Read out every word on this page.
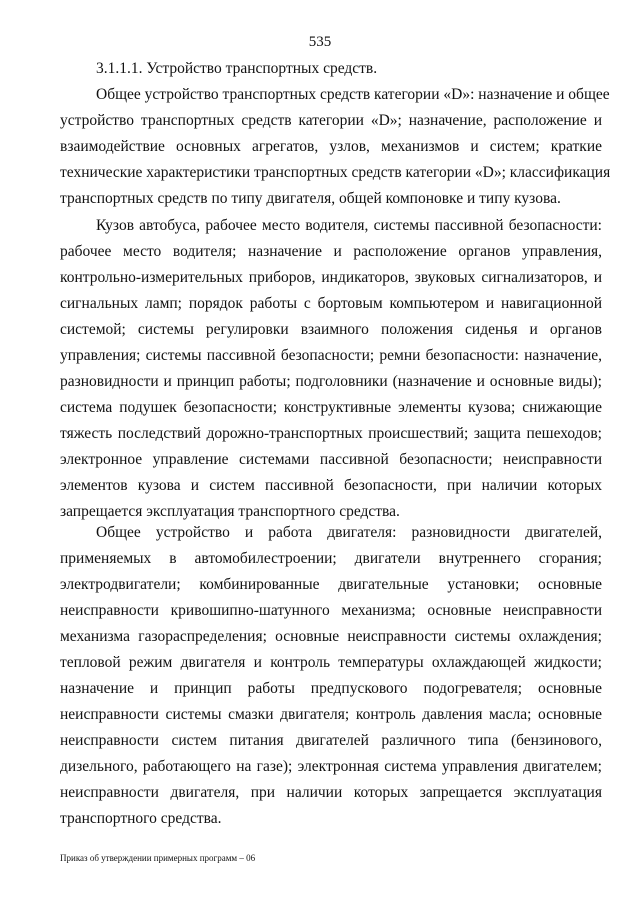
535
3.1.1.1. Устройство транспортных средств.
Общее устройство транспортных средств категории «D»: назначение и общее
устройство транспортных средств категории «D»; назначение, расположение и
взаимодействие основных агрегатов, узлов, механизмов и систем; краткие
технические характеристики транспортных средств категории «D»; классификация
транспортных средств по типу двигателя, общей компоновке и типу кузова.
Кузов автобуса, рабочее место водителя, системы пассивной безопасности:
рабочее место водителя; назначение и расположение органов управления,
контрольно-измерительных приборов, индикаторов, звуковых сигнализаторов, и
сигнальных ламп; порядок работы с бортовым компьютером и навигационной
системой; системы регулировки взаимного положения сиденья и органов
управления; системы пассивной безопасности; ремни безопасности: назначение,
разновидности и принцип работы; подголовники (назначение и основные виды);
система подушек безопасности; конструктивные элементы кузова; снижающие
тяжесть последствий дорожно-транспортных происшествий; защита пешеходов;
электронное управление системами пассивной безопасности; неисправности
элементов кузова и систем пассивной безопасности, при наличии которых
запрещается эксплуатация транспортного средства.
Общее устройство и работа двигателя: разновидности двигателей,
применяемых в автомобилестроении; двигатели внутреннего сгорания;
электродвигатели; комбинированные двигательные установки; основные
неисправности кривошипно-шатунного механизма; основные неисправности
механизма газораспределения; основные неисправности системы охлаждения;
тепловой режим двигателя и контроль температуры охлаждающей жидкости;
назначение и принцип работы предпускового подогревателя; основные
неисправности системы смазки двигателя; контроль давления масла; основные
неисправности систем питания двигателей различного типа (бензинового,
дизельного, работающего на газе); электронная система управления двигателем;
неисправности двигателя, при наличии которых запрещается эксплуатация
транспортного средства.
Приказ об утверждении примерных программ – 06
